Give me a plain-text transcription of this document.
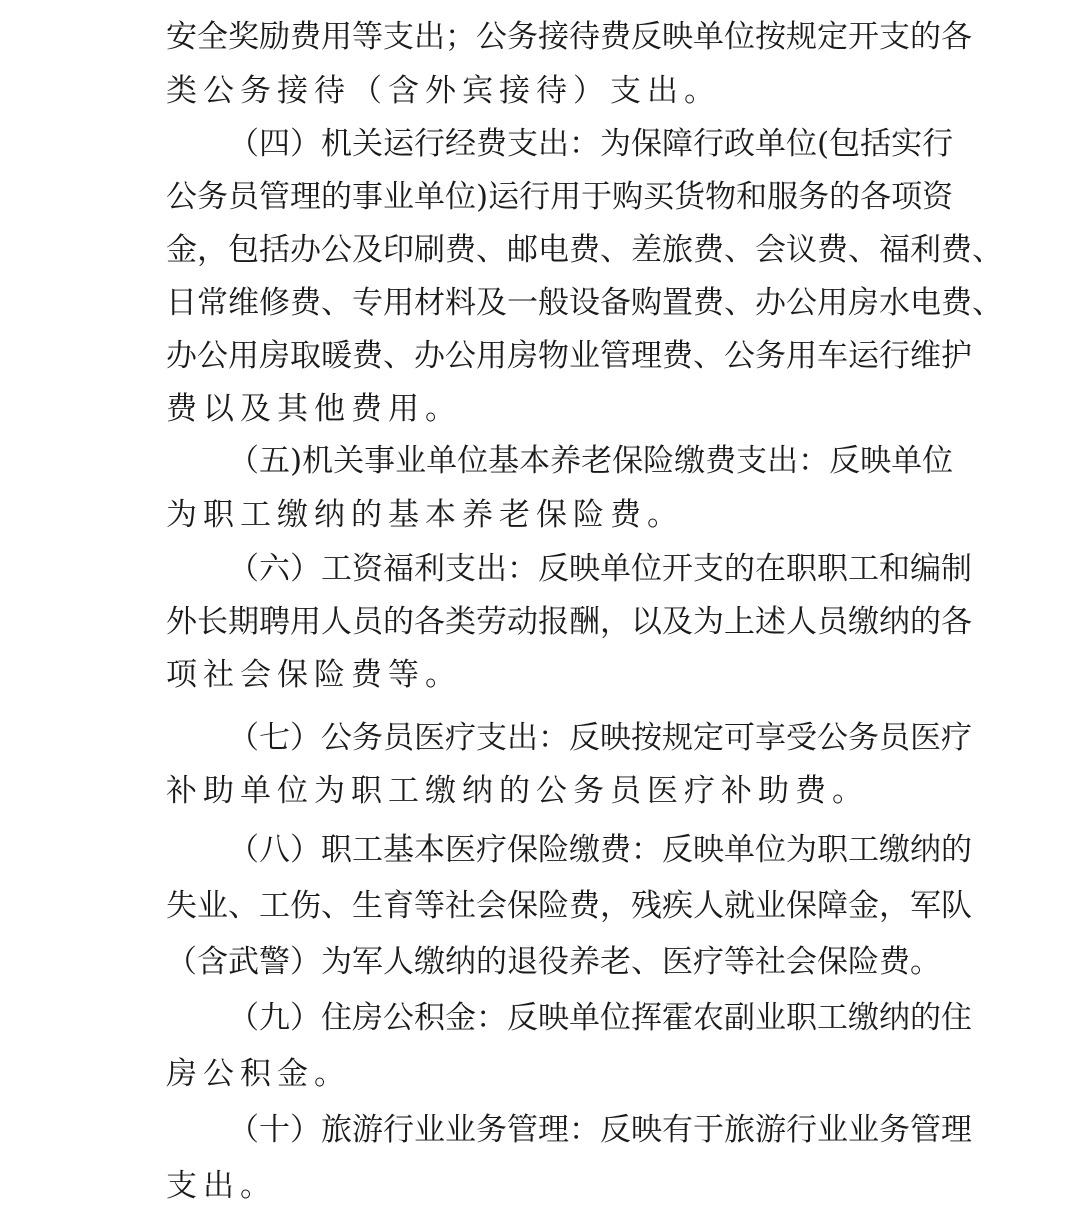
安全奖励费用等支出；公务接待费反映单位按规定开支的各
类公务接待（含外宾接待）支出。
（四）机关运行经费支出：为保障行政单位(包括实行
公务员管理的事业单位)运行用于购买货物和服务的各项资
金，包括办公及印刷费、邮电费、差旅费、会议费、福利费、
日常维修费、专用材料及一般设备购置费、办公用房水电费、
办公用房取暖费、办公用房物业管理费、公务用车运行维护
费以及其他费用。
（五)机关事业单位基本养老保险缴费支出：反映单位
为职工缴纳的基本养老保险费。
（六）工资福利支出：反映单位开支的在职职工和编制
外长期聘用人员的各类劳动报酬，以及为上述人员缴纳的各
项社会保险费等。
（七）公务员医疗支出：反映按规定可享受公务员医疗
补助单位为职工缴纳的公务员医疗补助费。
（八）职工基本医疗保险缴费：反映单位为职工缴纳的
失业、工伤、生育等社会保险费，残疾人就业保障金，军队
（含武警）为军人缴纳的退役养老、医疗等社会保险费。
（九）住房公积金：反映单位挥霍农副业职工缴纳的住
房公积金。
（十）旅游行业业务管理：反映有于旅游行业业务管理
支出。
